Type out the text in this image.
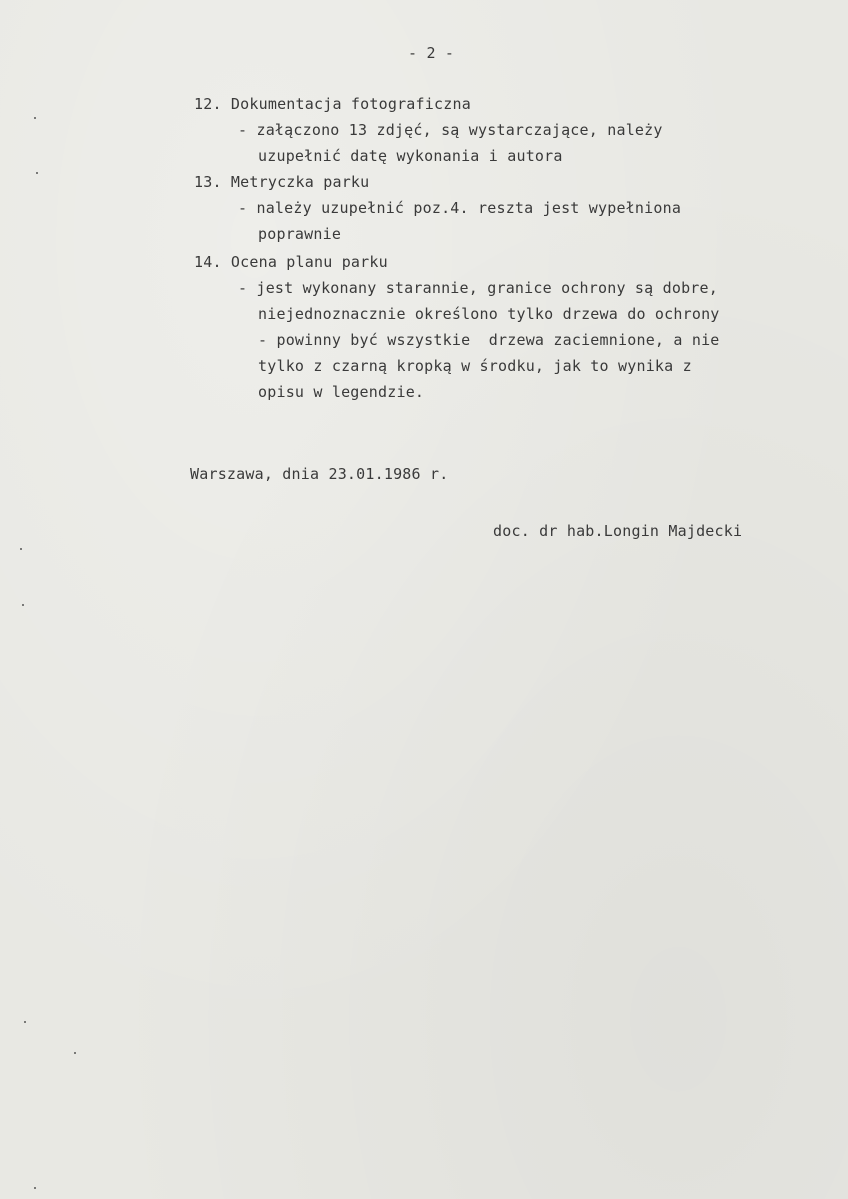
- 2 -
12. Dokumentacja fotograficzna
- załączono 13 zdjęć, są wystarczające, należy
uzupełnić datę wykonania i autora
13. Metryczka parku
- należy uzupełnić poz.4. reszta jest wypełniona
poprawnie
14. Ocena planu parku
- jest wykonany starannie, granice ochrony są dobre,
niejednoznacznie określono tylko drzewa do ochrony
- powinny być wszystkie  drzewa zaciemnione, a nie
tylko z czarną kropką w środku, jak to wynika z
opisu w legendzie.
Warszawa, dnia 23.01.1986 r.
doc. dr hab.Longin Majdecki
